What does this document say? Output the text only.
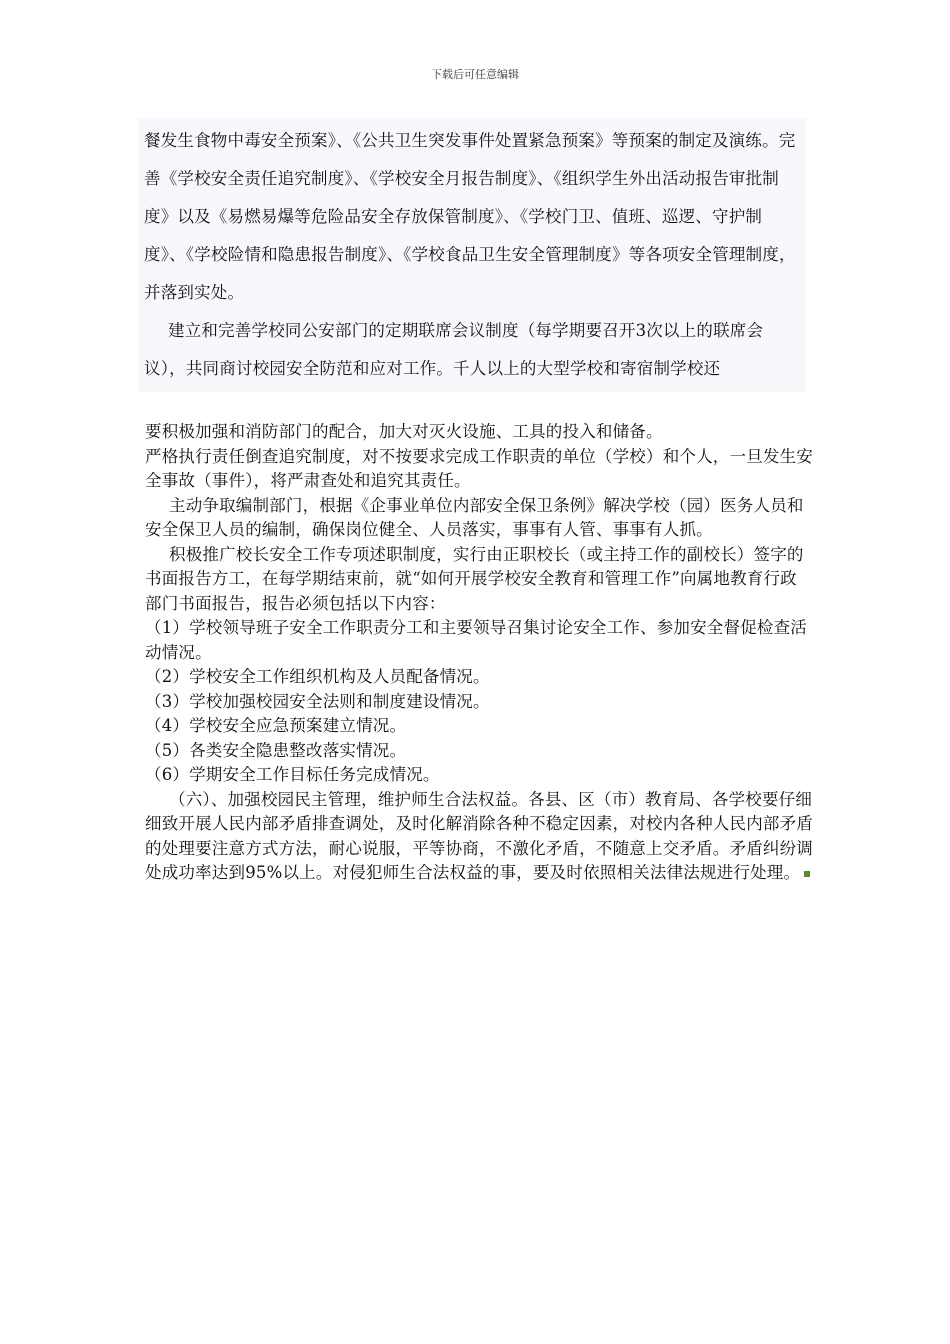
下载后可任意编辑

餐发生食物中毒安全预案》、《公共卫生突发事件处置紧急预案》等预案的制定及演练。完善《学校安全责任追究制度》、《学校安全月报告制度》、《组织学生外出活动报告审批制度》以及《易燃易爆等危险品安全存放保管制度》、《学校门卫、值班、巡逻、守护制度》、《学校险情和隐患报告制度》、《学校食品卫生安全管理制度》等各项安全管理制度，并落到实处。

建立和完善学校同公安部门的定期联席会议制度（每学期要召开3次以上的联席会议），共同商讨校园安全防范和应对工作。千人以上的大型学校和寄宿制学校还

要积极加强和消防部门的配合，加大对灭火设施、工具的投入和储备。

严格执行责任倒查追究制度，对不按要求完成工作职责的单位（学校）和个人，一旦发生安全事故（事件），将严肃查处和追究其责任。

主动争取编制部门，根据《企事业单位内部安全保卫条例》解决学校（园）医务人员和安全保卫人员的编制，确保岗位健全、人员落实，事事有人管、事事有人抓。

积极推广校长安全工作专项述职制度，实行由正职校长（或主持工作的副校长）签字的书面报告方工，在每学期结束前，就“如何开展学校安全教育和管理工作”向属地教育行政部门书面报告，报告必须包括以下内容：

（1）学校领导班子安全工作职责分工和主要领导召集讨论安全工作、参加安全督促检查活动情况。

（2）学校安全工作组织机构及人员配备情况。

（3）学校加强校园安全法则和制度建设情况。

（4）学校安全应急预案建立情况。

（5）各类安全隐患整改落实情况。

（6）学期安全工作目标任务完成情况。

（六）、加强校园民主管理，维护师生合法权益。各县、区（市）教育局、各学校要仔细细致开展人民内部矛盾排查调处，及时化解消除各种不稳定因素，对校内各种人民内部矛盾的处理要注意方式方法，耐心说服，平等协商，不激化矛盾，不随意上交矛盾。矛盾纠纷调处成功率达到95%以上。对侵犯师生合法权益的事，要及时依照相关法律法规进行处理。
